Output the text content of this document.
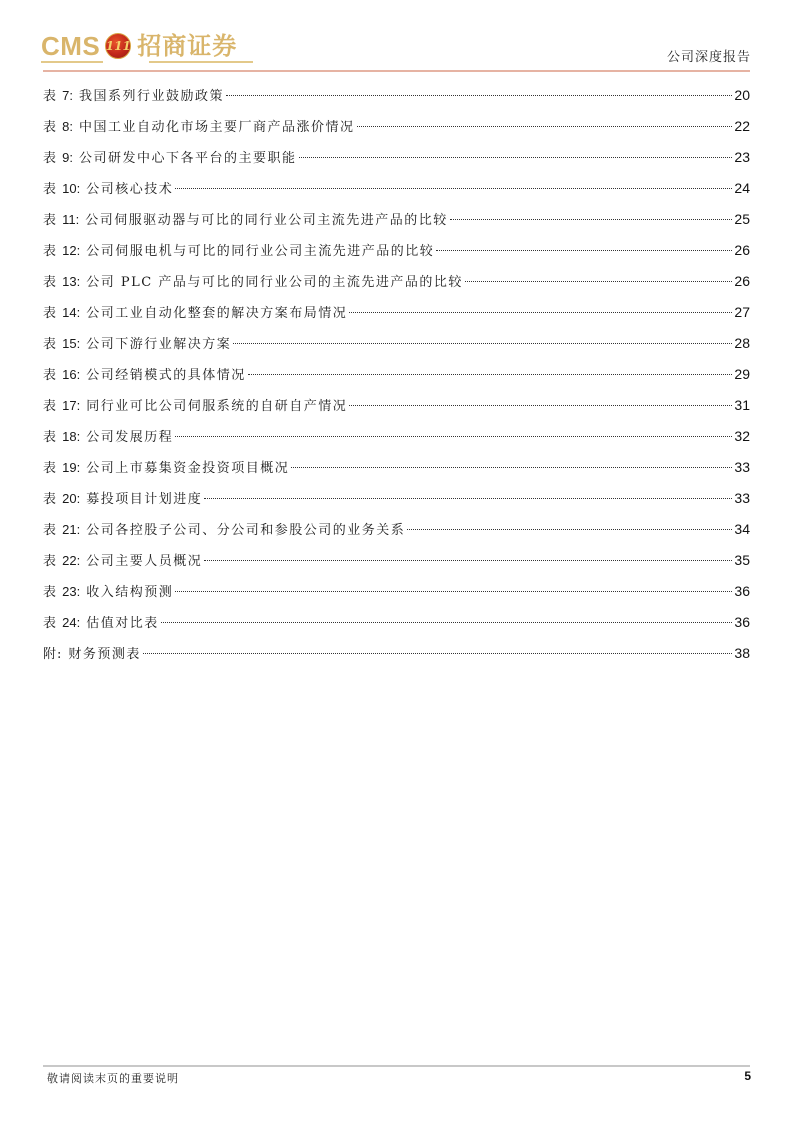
CMS 111 招商证券	公司深度报告
表 7: 我国系列行业鼓励政策	20
表 8: 中国工业自动化市场主要厂商产品涨价情况	22
表 9: 公司研发中心下各平台的主要职能	23
表 10: 公司核心技术	24
表 11: 公司伺服驱动器与可比的同行业公司主流先进产品的比较	25
表 12: 公司伺服电机与可比的同行业公司主流先进产品的比较	26
表 13: 公司 PLC 产品与可比的同行业公司的主流先进产品的比较	26
表 14: 公司工业自动化整套的解决方案布局情况	27
表 15: 公司下游行业解决方案	28
表 16: 公司经销模式的具体情况	29
表 17: 同行业可比公司伺服系统的自研自产情况	31
表 18: 公司发展历程	32
表 19: 公司上市募集资金投资项目概况	33
表 20: 募投项目计划进度	33
表 21: 公司各控股子公司、分公司和参股公司的业务关系	34
表 22: 公司主要人员概况	35
表 23: 收入结构预测	36
表 24: 估值对比表	36
附: 财务预测表	38
敬请阅读末页的重要说明	5
